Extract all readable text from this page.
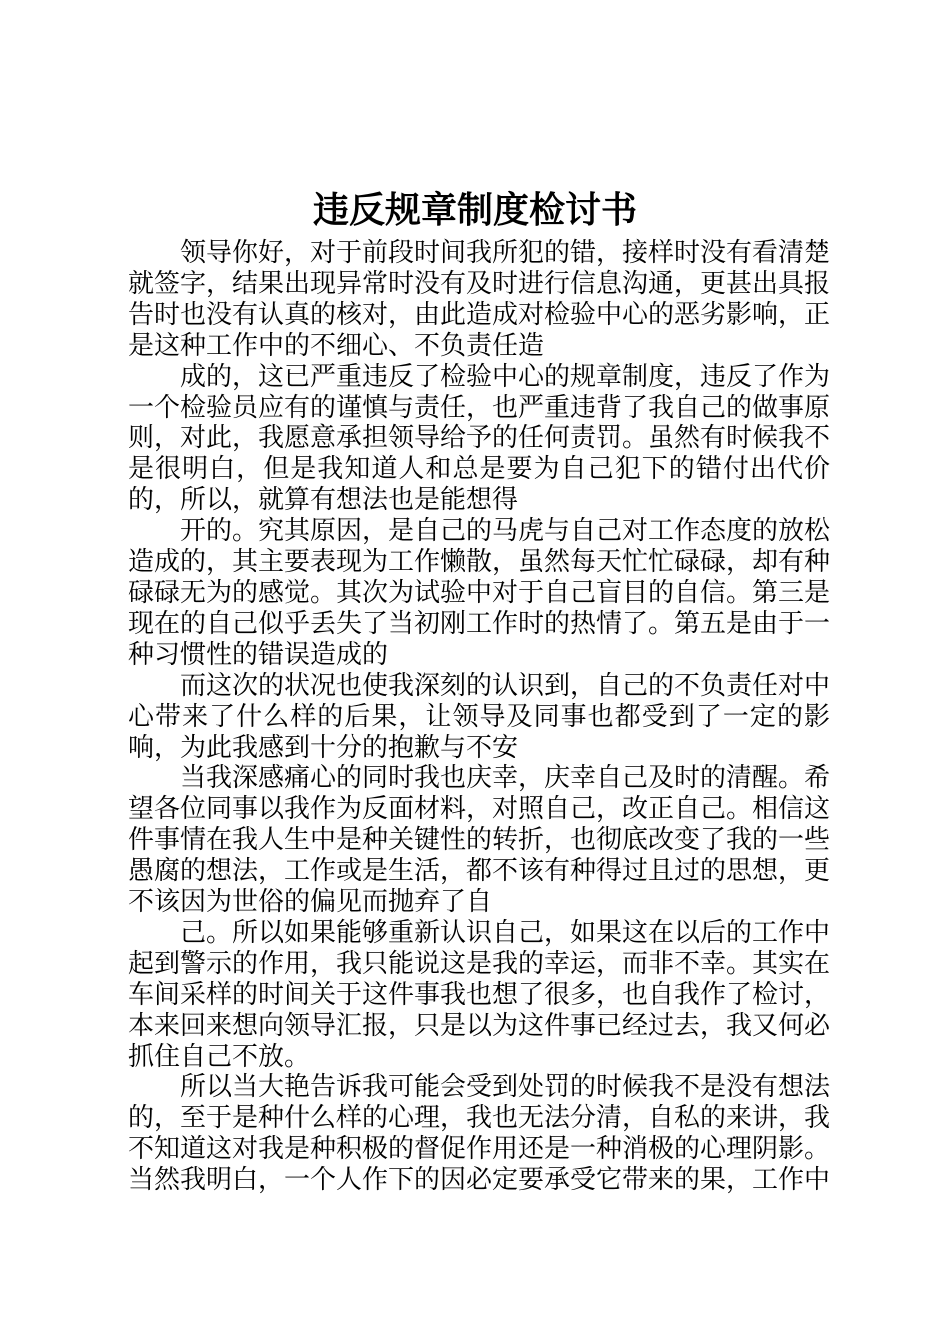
违反规章制度检讨书

领导你好，对于前段时间我所犯的错，接样时没有看清楚就签字，结果出现异常时没有及时进行信息沟通，更甚出具报告时也没有认真的核对，由此造成对检验中心的恶劣影响，正是这种工作中的不细心、不负责任造

成的，这已严重违反了检验中心的规章制度，违反了作为一个检验员应有的谨慎与责任，也严重违背了我自己的做事原则，对此，我愿意承担领导给予的任何责罚。虽然有时候我不是很明白，但是我知道人和总是要为自己犯下的错付出代价的，所以，就算有想法也是能想得

开的。究其原因，是自己的马虎与自己对工作态度的放松造成的，其主要表现为工作懒散，虽然每天忙忙碌碌，却有种碌碌无为的感觉。其次为试验中对于自己盲目的自信。第三是现在的自己似乎丢失了当初刚工作时的热情了。第五是由于一种习惯性的错误造成的

而这次的状况也使我深刻的认识到，自己的不负责任对中心带来了什么样的后果，让领导及同事也都受到了一定的影响，为此我感到十分的抱歉与不安

当我深感痛心的同时我也庆幸，庆幸自己及时的清醒。希望各位同事以我作为反面材料，对照自己，改正自己。相信这件事情在我人生中是种关键性的转折，也彻底改变了我的一些愚腐的想法，工作或是生活，都不该有种得过且过的思想，更不该因为世俗的偏见而抛弃了自

己。所以如果能够重新认识自己，如果这在以后的工作中起到警示的作用，我只能说这是我的幸运，而非不幸。其实在车间采样的时间关于这件事我也想了很多，也自我作了检讨，本来回来想向领导汇报，只是以为这件事已经过去，我又何必抓住自己不放。

所以当大艳告诉我可能会受到处罚的时候我不是没有想法的，至于是种什么样的心理，我也无法分清，自私的来讲，我不知道这对我是种积极的督促作用还是一种消极的心理阴影。当然我明白，一个人作下的因必定要承受它带来的果，工作中
